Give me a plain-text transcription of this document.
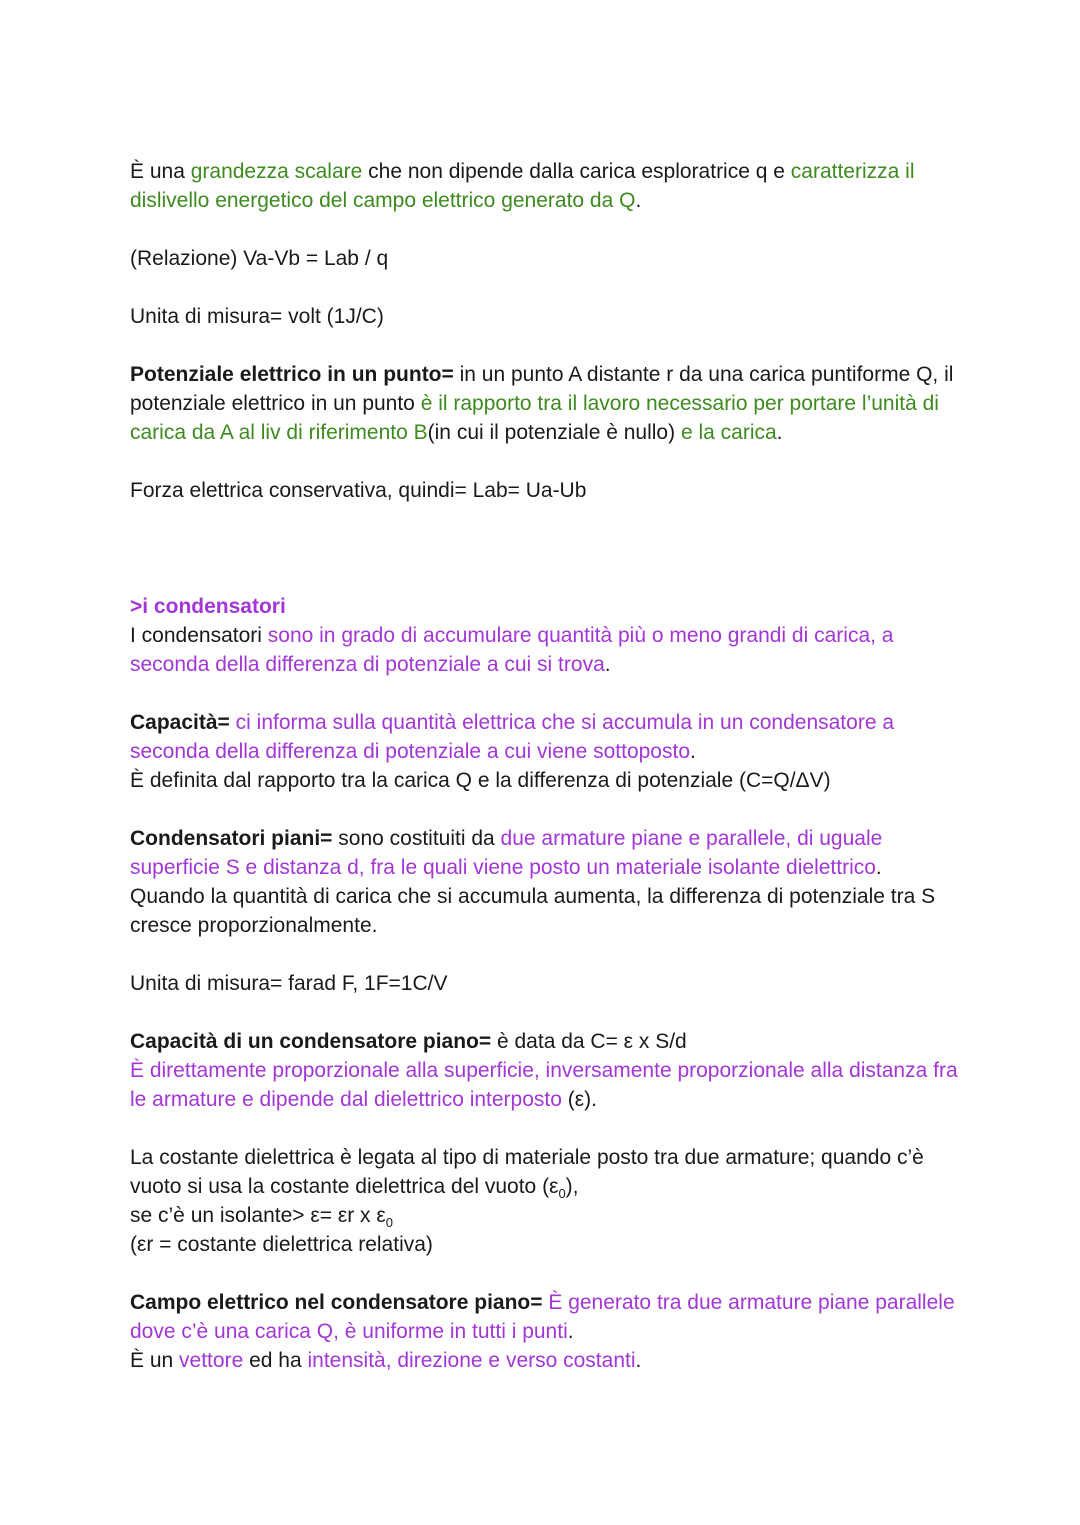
È una grandezza scalare che non dipende dalla carica esploratrice q e caratterizza il dislivello energetico del campo elettrico generato da Q.

(Relazione) Va-Vb = Lab / q

Unita di misura= volt (1J/C)

Potenziale elettrico in un punto= in un punto A distante r da una carica puntiforme Q, il potenziale elettrico in un punto è il rapporto tra il lavoro necessario per portare l’unità di carica da A al liv di riferimento B(in cui il potenziale è nullo) e la carica.

Forza elettrica conservativa, quindi= Lab= Ua-Ub

>i condensatori

I condensatori sono in grado di accumulare quantità più o meno grandi di carica, a seconda della differenza di potenziale a cui si trova.

Capacità= ci informa sulla quantità elettrica che si accumula in un condensatore a seconda della differenza di potenziale a cui viene sottoposto.

È definita dal rapporto tra la carica Q e la differenza di potenziale (C=Q/ΔV)

Condensatori piani= sono costituiti da due armature piane e parallele, di uguale superficie S e distanza d, fra le quali viene posto un materiale isolante dielettrico.

Quando la quantità di carica che si accumula aumenta, la differenza di potenziale tra S cresce proporzionalmente.

Unita di misura= farad F, 1F=1C/V

Capacità di un condensatore piano= è data da C= ε x S/d

È direttamente proporzionale alla superficie, inversamente proporzionale alla distanza fra le armature e dipende dal dielettrico interposto (ε).

La costante dielettrica è legata al tipo di materiale posto tra due armature; quando c’è vuoto si usa la costante dielettrica del vuoto $(\varepsilon_0)$,
se c’è un isolante> ε= εr x $\varepsilon_0$
(εr = costante dielettrica relativa)

Campo elettrico nel condensatore piano= È generato tra due armature piane parallele dove c’è una carica Q, è uniforme in tutti i punti.

È un vettore ed ha intensità, direzione e verso costanti.
